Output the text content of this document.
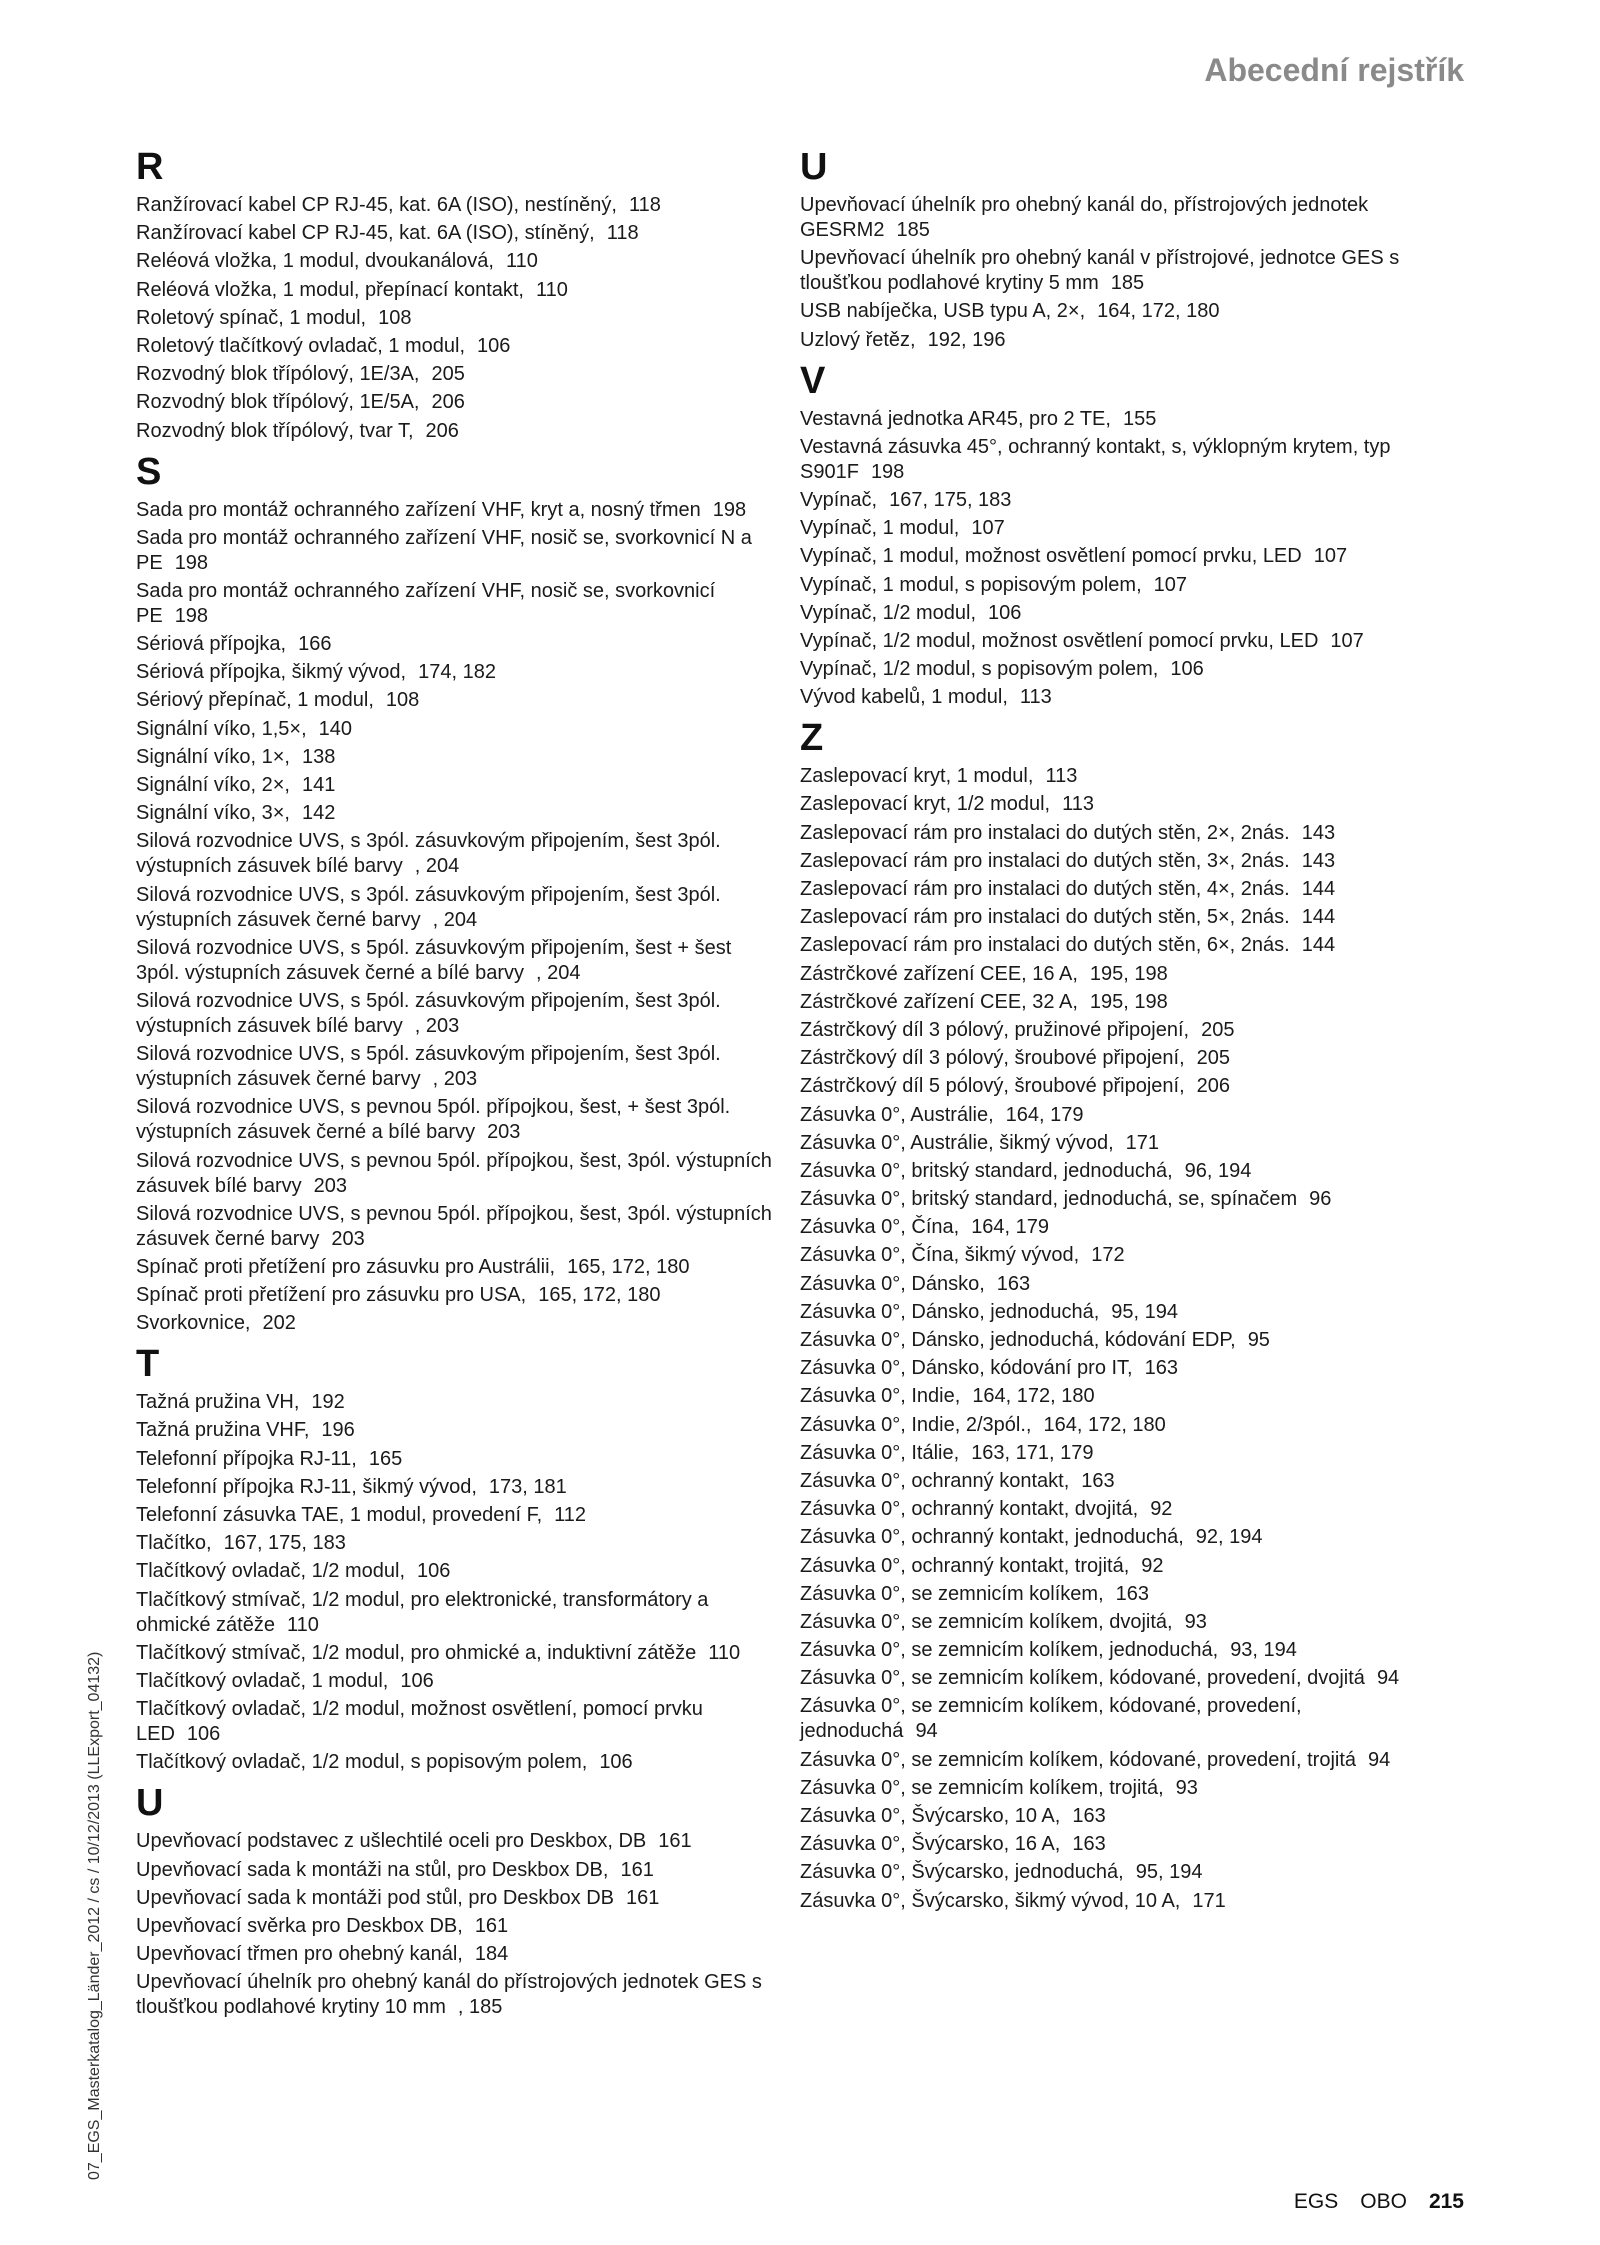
Abecední rejstřík
R
Ranžírovací kabel CP RJ-45, kat. 6A (ISO), nestíněný, 118
Ranžírovací kabel CP RJ-45, kat. 6A (ISO), stíněný, 118
Reléová vložka, 1 modul, dvoukanálová, 110
Reléová vložka, 1 modul, přepínací kontakt, 110
Roletový spínač, 1 modul, 108
Roletový tlačítkový ovladač, 1 modul, 106
Rozvodný blok třípólový, 1E/3A, 205
Rozvodný blok třípólový, 1E/5A, 206
Rozvodný blok třípólový, tvar T, 206
S
Sada pro montáž ochranného zařízení VHF, kryt a, nosný třmen 198
Sada pro montáž ochranného zařízení VHF, nosič se, svorkovnicí N a PE 198
Sada pro montáž ochranného zařízení VHF, nosič se, svorkovnicí PE 198
Sériová přípojka, 166
Sériová přípojka, šikmý vývod, 174, 182
Sériový přepínač, 1 modul, 108
Signální víko, 1,5×, 140
Signální víko, 1×, 138
Signální víko, 2×, 141
Signální víko, 3×, 142
Silová rozvodnice UVS, s 3pól. zásuvkovým připojením, šest 3pól. výstupních zásuvek bílé barvy , 204
Silová rozvodnice UVS, s 3pól. zásuvkovým připojením, šest 3pól. výstupních zásuvek černé barvy , 204
Silová rozvodnice UVS, s 5pól. zásuvkovým připojením, šest + šest 3pól. výstupních zásuvek černé a bílé barvy , 204
Silová rozvodnice UVS, s 5pól. zásuvkovým připojením, šest 3pól. výstupních zásuvek bílé barvy , 203
Silová rozvodnice UVS, s 5pól. zásuvkovým připojením, šest 3pól. výstupních zásuvek černé barvy , 203
Silová rozvodnice UVS, s pevnou 5pól. přípojkou, šest, + šest 3pól. výstupních zásuvek černé a bílé barvy 203
Silová rozvodnice UVS, s pevnou 5pól. přípojkou, šest, 3pól. výstupních zásuvek bílé barvy 203
Silová rozvodnice UVS, s pevnou 5pól. přípojkou, šest, 3pól. výstupních zásuvek černé barvy 203
Spínač proti přetížení pro zásuvku pro Austrálii, 165, 172, 180
Spínač proti přetížení pro zásuvku pro USA, 165, 172, 180
Svorkovnice, 202
T
Tažná pružina VH, 192
Tažná pružina VHF, 196
Telefonní přípojka RJ-11, 165
Telefonní přípojka RJ-11, šikmý vývod, 173, 181
Telefonní zásuvka TAE, 1 modul, provedení F, 112
Tlačítko, 167, 175, 183
Tlačítkový ovladač, 1/2 modul, 106
Tlačítkový stmívač, 1/2 modul, pro elektronické, transformátory a ohmické zátěže 110
Tlačítkový stmívač, 1/2 modul, pro ohmické a, induktivní zátěže 110
Tlačítkový ovladač, 1 modul, 106
Tlačítkový ovladač, 1/2 modul, možnost osvětlení, pomocí prvku LED 106
Tlačítkový ovladač, 1/2 modul, s popisovým polem, 106
U
Upevňovací podstavec z ušlechtilé oceli pro Deskbox, DB 161
Upevňovací sada k montáži na stůl, pro Deskbox DB, 161
Upevňovací sada k montáži pod stůl, pro Deskbox DB 161
Upevňovací svěrka pro Deskbox DB, 161
Upevňovací třmen pro ohebný kanál, 184
Upevňovací úhelník pro ohebný kanál do přístrojových jednotek GES s tloušťkou podlahové krytiny 10 mm , 185
U
Upevňovací úhelník pro ohebný kanál do, přístrojových jednotek GESRM2 185
Upevňovací úhelník pro ohebný kanál v přístrojové, jednotce GES s tloušťkou podlahové krytiny 5 mm 185
USB nabíječka, USB typu A, 2×, 164, 172, 180
Uzlový řetěz, 192, 196
V
Vestavná jednotka AR45, pro 2 TE, 155
Vestavná zásuvka 45°, ochranný kontakt, s, výklopným krytem, typ S901F 198
Vypínač, 167, 175, 183
Vypínač, 1 modul, 107
Vypínač, 1 modul, možnost osvětlení pomocí prvku, LED 107
Vypínač, 1 modul, s popisovým polem, 107
Vypínač, 1/2 modul, 106
Vypínač, 1/2 modul, možnost osvětlení pomocí prvku, LED 107
Vypínač, 1/2 modul, s popisovým polem, 106
Vývod kabelů, 1 modul, 113
Z
Zaslepovací kryt, 1 modul, 113
Zaslepovací kryt, 1/2 modul, 113
Zaslepovací rám pro instalaci do dutých stěn, 2×, 2nás. 143
Zaslepovací rám pro instalaci do dutých stěn, 3×, 2nás. 143
Zaslepovací rám pro instalaci do dutých stěn, 4×, 2nás. 144
Zaslepovací rám pro instalaci do dutých stěn, 5×, 2nás. 144
Zaslepovací rám pro instalaci do dutých stěn, 6×, 2nás. 144
Zástrčkové zařízení CEE, 16 A, 195, 198
Zástrčkové zařízení CEE, 32 A, 195, 198
Zástrčkový díl 3 pólový, pružinové připojení, 205
Zástrčkový díl 3 pólový, šroubové připojení, 205
Zástrčkový díl 5 pólový, šroubové připojení, 206
Zásuvka 0°, Austrálie, 164, 179
Zásuvka 0°, Austrálie, šikmý vývod, 171
Zásuvka 0°, britský standard, jednoduchá, 96, 194
Zásuvka 0°, britský standard, jednoduchá, se, spínačem 96
Zásuvka 0°, Čína, 164, 179
Zásuvka 0°, Čína, šikmý vývod, 172
Zásuvka 0°, Dánsko, 163
Zásuvka 0°, Dánsko, jednoduchá, 95, 194
Zásuvka 0°, Dánsko, jednoduchá, kódování EDP, 95
Zásuvka 0°, Dánsko, kódování pro IT, 163
Zásuvka 0°, Indie, 164, 172, 180
Zásuvka 0°, Indie, 2/3pól., 164, 172, 180
Zásuvka 0°, Itálie, 163, 171, 179
Zásuvka 0°, ochranný kontakt, 163
Zásuvka 0°, ochranný kontakt, dvojitá, 92
Zásuvka 0°, ochranný kontakt, jednoduchá, 92, 194
Zásuvka 0°, ochranný kontakt, trojitá, 92
Zásuvka 0°, se zemnicím kolíkem, 163
Zásuvka 0°, se zemnicím kolíkem, dvojitá, 93
Zásuvka 0°, se zemnicím kolíkem, jednoduchá, 93, 194
Zásuvka 0°, se zemnicím kolíkem, kódované, provedení, dvojitá 94
Zásuvka 0°, se zemnicím kolíkem, kódované, provedení, jednoduchá 94
Zásuvka 0°, se zemnicím kolíkem, kódované, provedení, trojitá 94
Zásuvka 0°, se zemnicím kolíkem, trojitá, 93
Zásuvka 0°, Švýcarsko, 10 A, 163
Zásuvka 0°, Švýcarsko, 16 A, 163
Zásuvka 0°, Švýcarsko, jednoduchá, 95, 194
Zásuvka 0°, Švýcarsko, šikmý vývod, 10 A, 171
07_EGS_Masterkatalog_Länder_2012 / cs / 10/12/2013 (LLExport_04132)
EGS OBO 215
